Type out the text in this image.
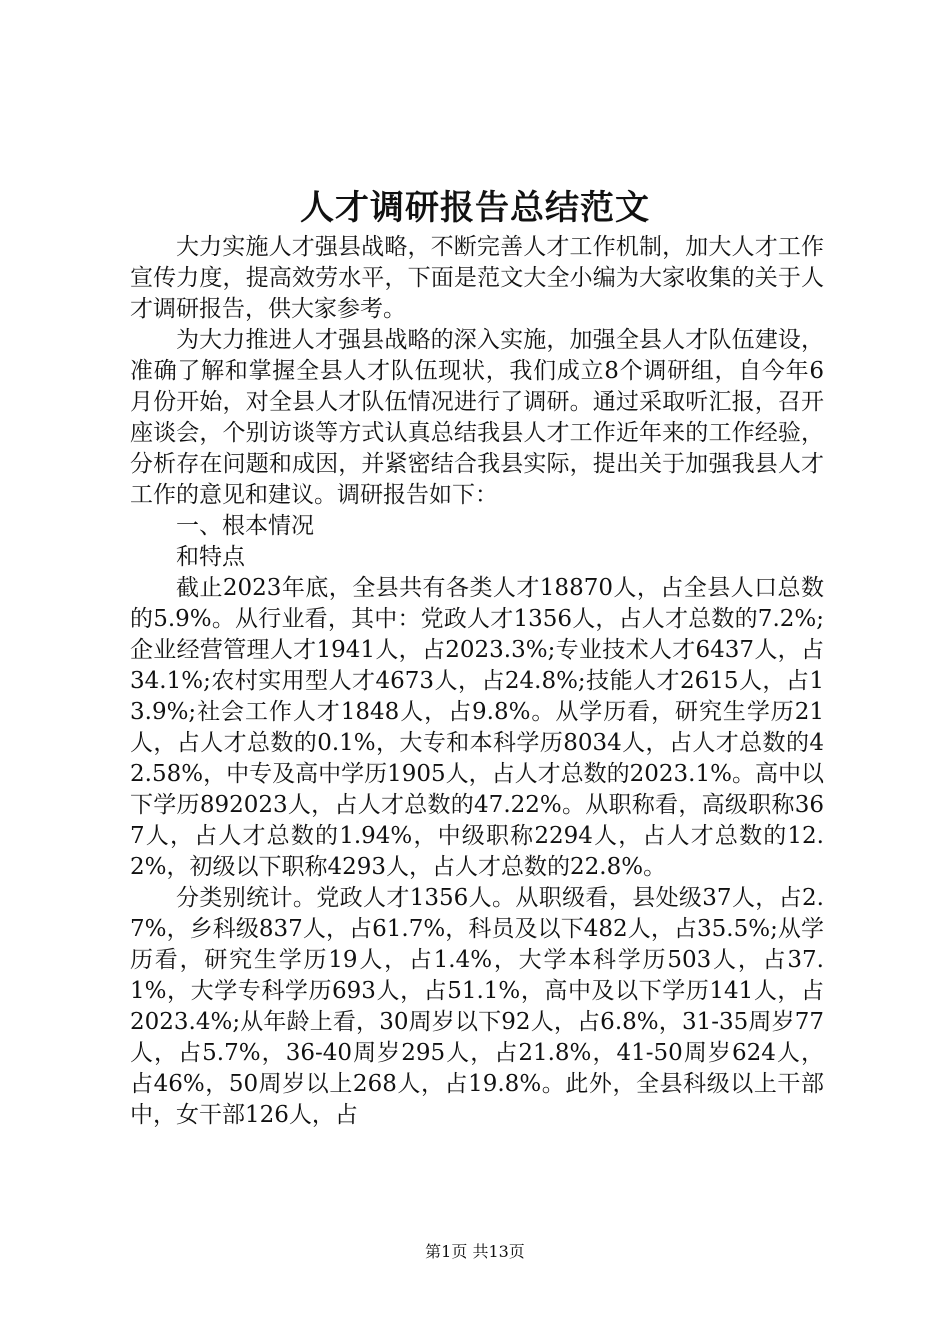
人才调研报告总结范文

大力实施人才强县战略，不断完善人才工作机制，加大人才工作宣传力度，提高效劳水平，下面是范文大全小编为大家收集的关于人才调研报告，供大家参考。

为大力推进人才强县战略的深入实施，加强全县人才队伍建设，准确了解和掌握全县人才队伍现状，我们成立8个调研组，自今年6月份开始，对全县人才队伍情况进行了调研。通过采取听汇报，召开座谈会，个别访谈等方式认真总结我县人才工作近年来的工作经验，分析存在问题和成因，并紧密结合我县实际，提出关于加强我县人才工作的意见和建议。调研报告如下：

一、根本情况

和特点

截止2023年底，全县共有各类人才18870人，占全县人口总数的5.9%。从行业看，其中：党政人才1356人，占人才总数的7.2%;企业经营管理人才1941人，占2023.3%;专业技术人才6437人，占34.1%;农村实用型人才4673人，占24.8%;技能人才2615人，占13.9%;社会工作人才1848人，占9.8%。从学历看，研究生学历21人，占人才总数的0.1%，大专和本科学历8034人，占人才总数的42.58%，中专及高中学历1905人，占人才总数的2023.1%。高中以下学历892023人，占人才总数的47.22%。从职称看，高级职称367人，占人才总数的1.94%，中级职称2294人，占人才总数的12.2%，初级以下职称4293人，占人才总数的22.8%。

分类别统计。党政人才1356人。从职级看，县处级37人，占2.7%，乡科级837人，占61.7%，科员及以下482人，占35.5%;从学历看，研究生学历19人，占1.4%，大学本科学历503人，占37.1%，大学专科学历693人，占51.1%，高中及以下学历141人，占2023.4%;从年龄上看，30周岁以下92人，占6.8%，31-35周岁77人，占5.7%，36-40周岁295人，占21.8%，41-50周岁624人，占46%，50周岁以上268人，占19.8%。此外，全县科级以上干部中，女干部126人，占

第1页 共13页
